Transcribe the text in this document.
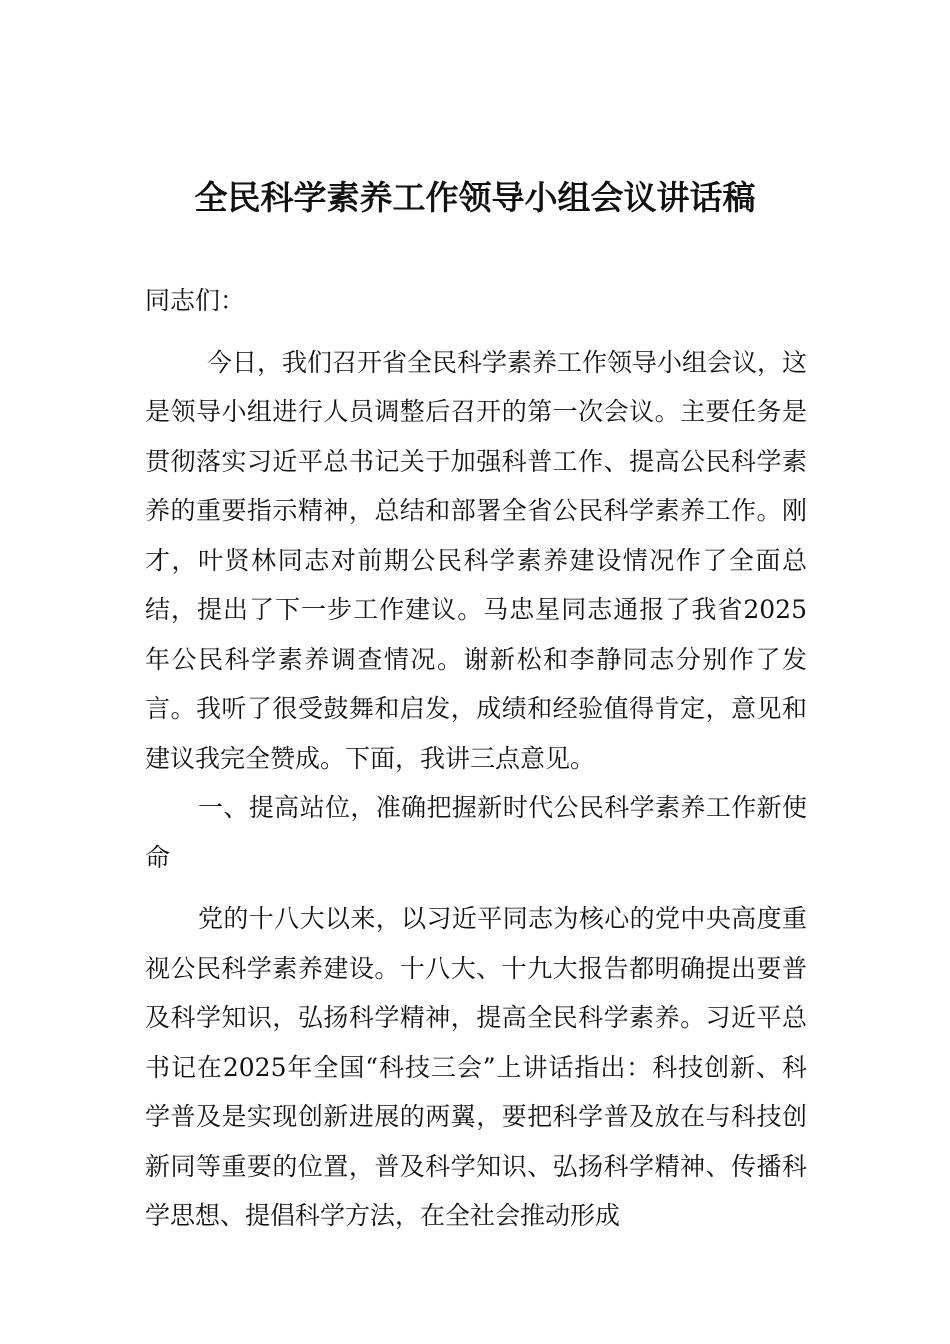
全民科学素养工作领导小组会议讲话稿

同志们：

今日，我们召开省全民科学素养工作领导小组会议，这是领导小组进行人员调整后召开的第一次会议。主要任务是贯彻落实习近平总书记关于加强科普工作、提高公民科学素养的重要指示精神，总结和部署全省公民科学素养工作。刚才，叶贤林同志对前期公民科学素养建设情况作了全面总结，提出了下一步工作建议。马忠星同志通报了我省2025年公民科学素养调查情况。谢新松和李静同志分别作了发言。我听了很受鼓舞和启发，成绩和经验值得肯定，意见和建议我完全赞成。下面，我讲三点意见。

一、提高站位，准确把握新时代公民科学素养工作新使命

党的十八大以来，以习近平同志为核心的党中央高度重视公民科学素养建设。十八大、十九大报告都明确提出要普及科学知识，弘扬科学精神，提高全民科学素养。习近平总书记在2025年全国“科技三会”上讲话指出：科技创新、科学普及是实现创新进展的两翼，要把科学普及放在与科技创新同等重要的位置，普及科学知识、弘扬科学精神、传播科学思想、提倡科学方法，在全社会推动形成
